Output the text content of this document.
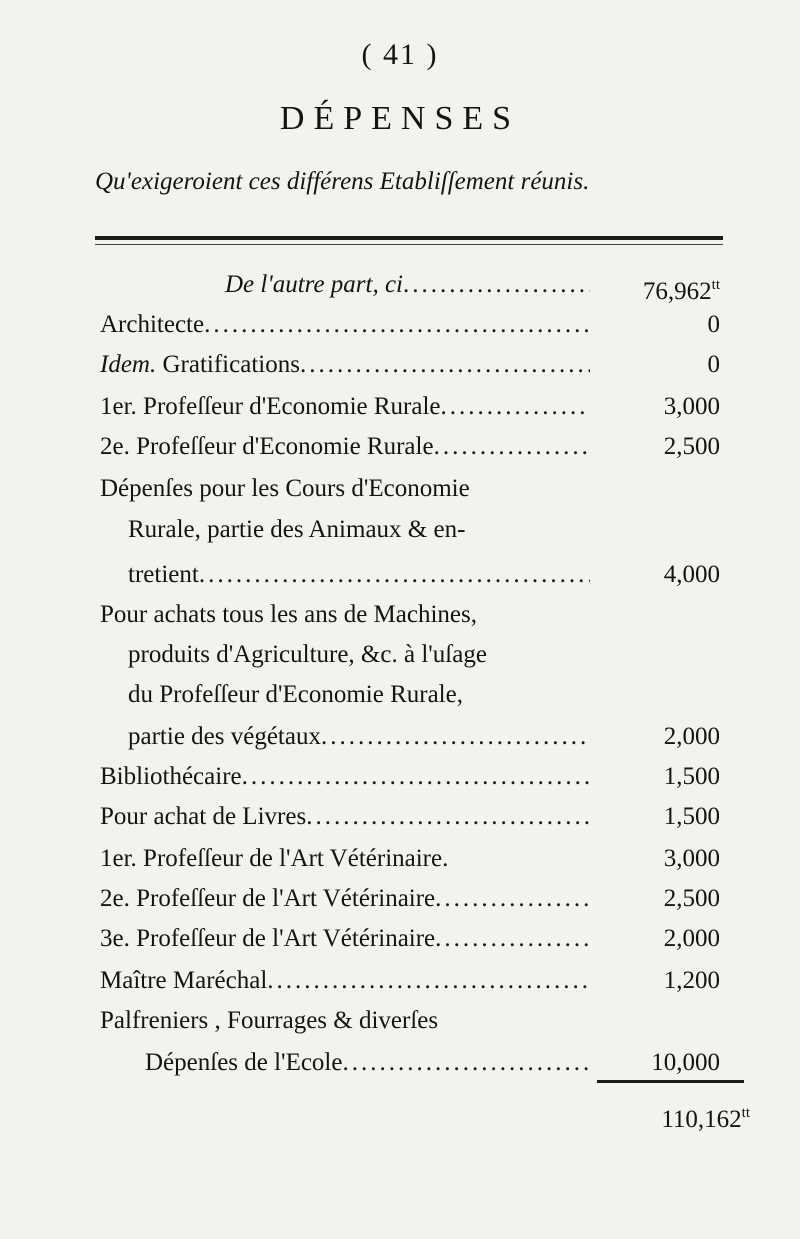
( 41 )
DÉPENSES
Qu'exigeroient ces différens Etabliſſement réunis.
De l'autre part, ci .....	$76,962^{tt}$
Architecte .....	0
Idem. Gratifications .....	0
1er. Profeſſeur d'Economie Rurale .....	3,000
2e. Profeſſeur d'Economie Rurale .....	2,500
Dépenſes pour les Cours d'Economie
Rurale, partie des Animaux & en-
tretient .....	4,000
Pour achats tous les ans de Machines,
produits d'Agriculture, &c. à l'uſage
du Profeſſeur d'Economie Rurale,
partie des végétaux .....	2,000
Bibliothécaire .....	1,500
Pour achat de Livres .....	1,500
1er. Profeſſeur de l'Art Vétérinaire.	3,000
2e. Profeſſeur de l'Art Vétérinaire .....	2,500
3e. Profeſſeur de l'Art Vétérinaire .....	2,000
Maître Maréchal .....	1,200
Palfreniers , Fourrages & diverſes
Dépenſes de l'Ecole .....	10,000
$110,162^{tt}$
